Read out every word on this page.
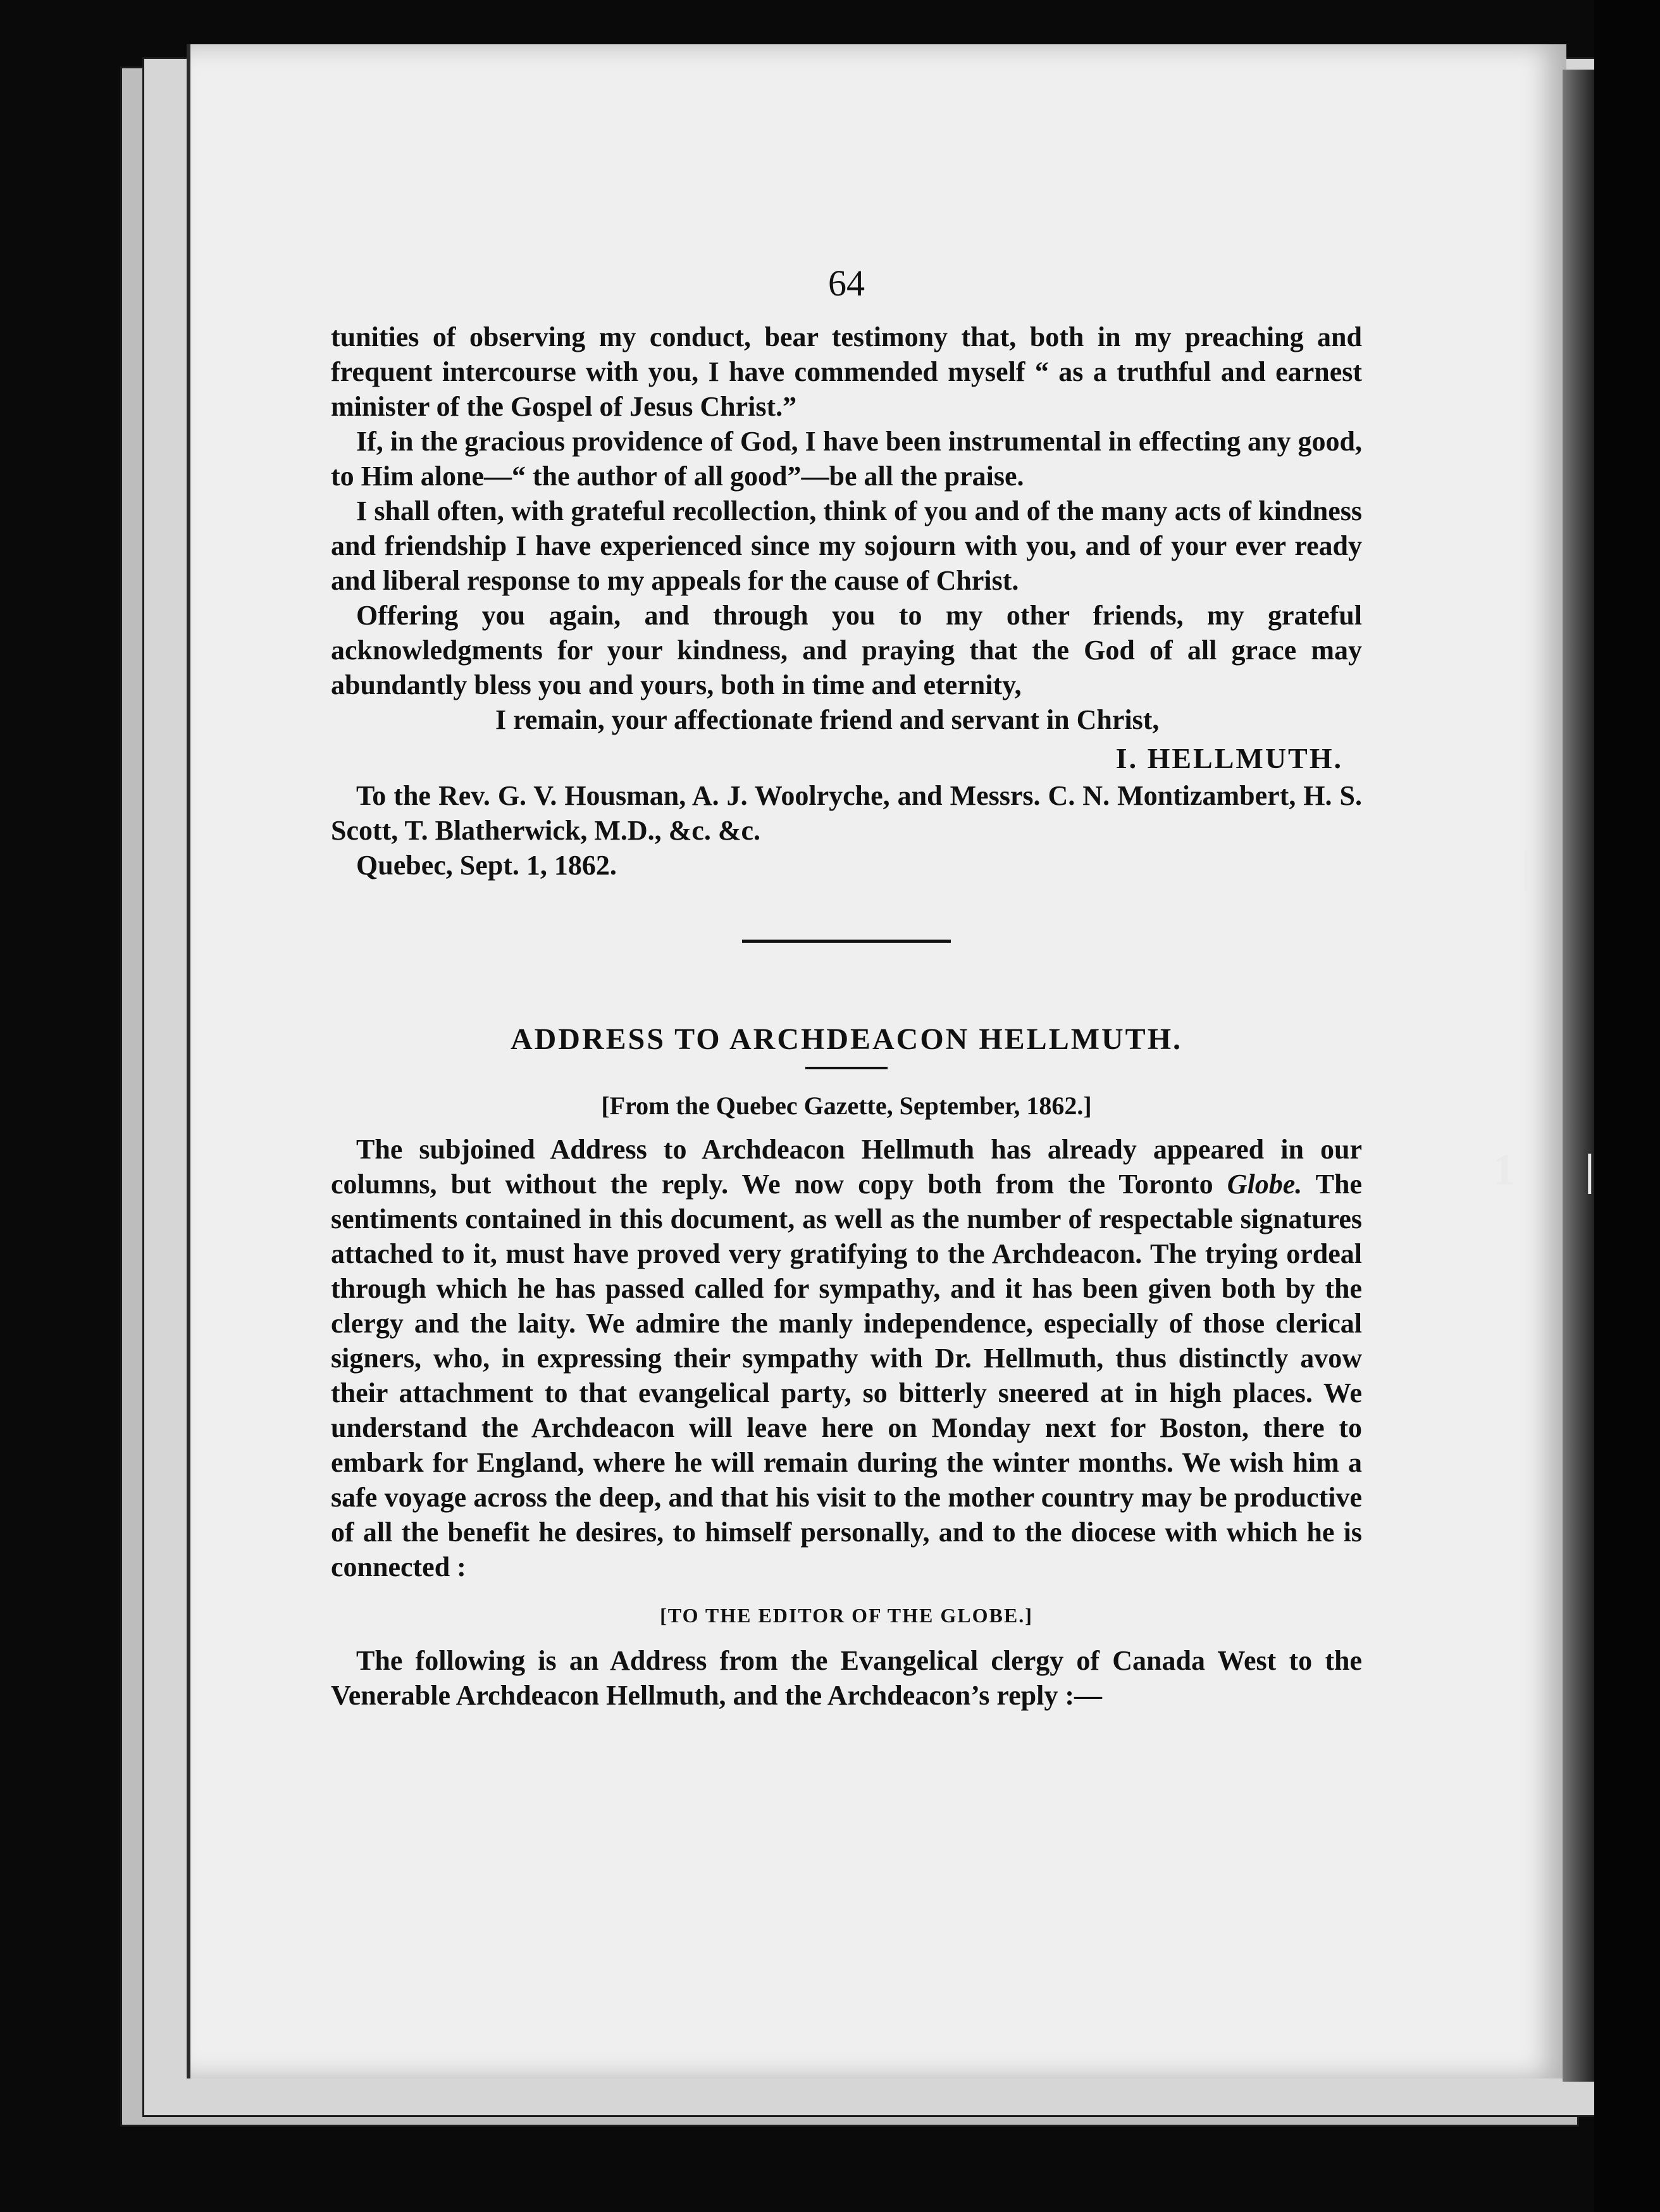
|
1 |
64

tunities of observing my conduct, bear testimony that, both in my preaching and frequent intercourse with you, I have commended myself “ as a truthful and earnest minister of the Gospel of Jesus Christ.”

If, in the gracious providence of God, I have been instrumental in effecting any good, to Him alone—“ the author of all good”—be all the praise.

I shall often, with grateful recollection, think of you and of the many acts of kindness and friendship I have experienced since my sojourn with you, and of your ever ready and liberal response to my appeals for the cause of Christ.

Offering you again, and through you to my other friends, my grateful acknowledgments for your kindness, and praying that the God of all grace may abundantly bless you and yours, both in time and eternity,

I remain, your affectionate friend and servant in Christ,

I. HELLMUTH.

To the Rev. G. V. Housman, A. J. Woolryche, and Messrs. C. N. Montizambert, H. S. Scott, T. Blatherwick, M.D., &c. &c.

Quebec, Sept. 1, 1862.

ADDRESS TO ARCHDEACON HELLMUTH.
[From the Quebec Gazette, September, 1862.]

The subjoined Address to Archdeacon Hellmuth has already appeared in our columns, but without the reply. We now copy both from the Toronto Globe. The sentiments contained in this document, as well as the number of respectable signatures attached to it, must have proved very gratifying to the Archdeacon. The trying ordeal through which he has passed called for sympathy, and it has been given both by the clergy and the laity. We admire the manly independence, especially of those clerical signers, who, in expressing their sympathy with Dr. Hellmuth, thus distinctly avow their attachment to that evangelical party, so bitterly sneered at in high places. We understand the Archdeacon will leave here on Monday next for Boston, there to embark for England, where he will remain during the winter months. We wish him a safe voyage across the deep, and that his visit to the mother country may be productive of all the benefit he desires, to himself personally, and to the diocese with which he is connected :

[TO THE EDITOR OF THE GLOBE.]

The following is an Address from the Evangelical clergy of Canada West to the Venerable Archdeacon Hellmuth, and the Archdeacon’s reply :—
